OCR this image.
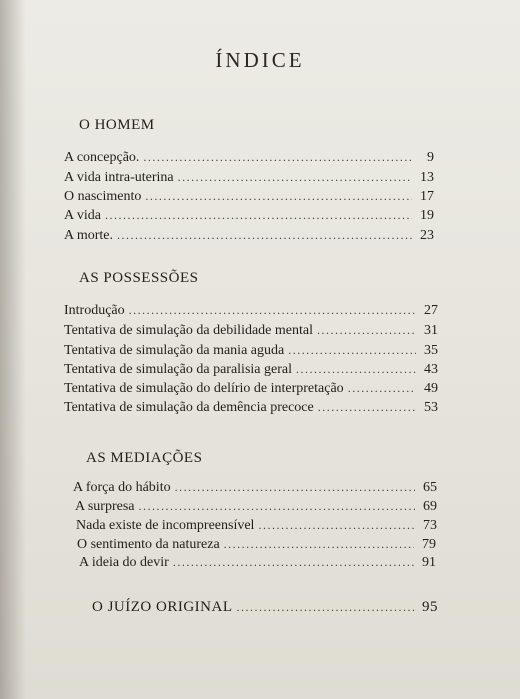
ÍNDICE
O HOMEM
A concepção. .....	9
A vida intra-uterina .....	13
O nascimento .....	17
A vida .....	19
A morte. .....	23
AS POSSESSÕES
Introdução .....	27
Tentativa de simulação da debilidade mental .....	31
Tentativa de simulação da mania aguda .....	35
Tentativa de simulação da paralisia geral .....	43
Tentativa de simulação do delírio de interpretação .....	49
Tentativa de simulação da demência precoce .....	53
AS MEDIAÇÕES
A força do hábito .....	65
A surpresa .....	69
Nada existe de incompreensível .....	73
O sentimento da natureza .....	79
A ideia do devir .....	91
O JUÍZO ORIGINAL .....	95
